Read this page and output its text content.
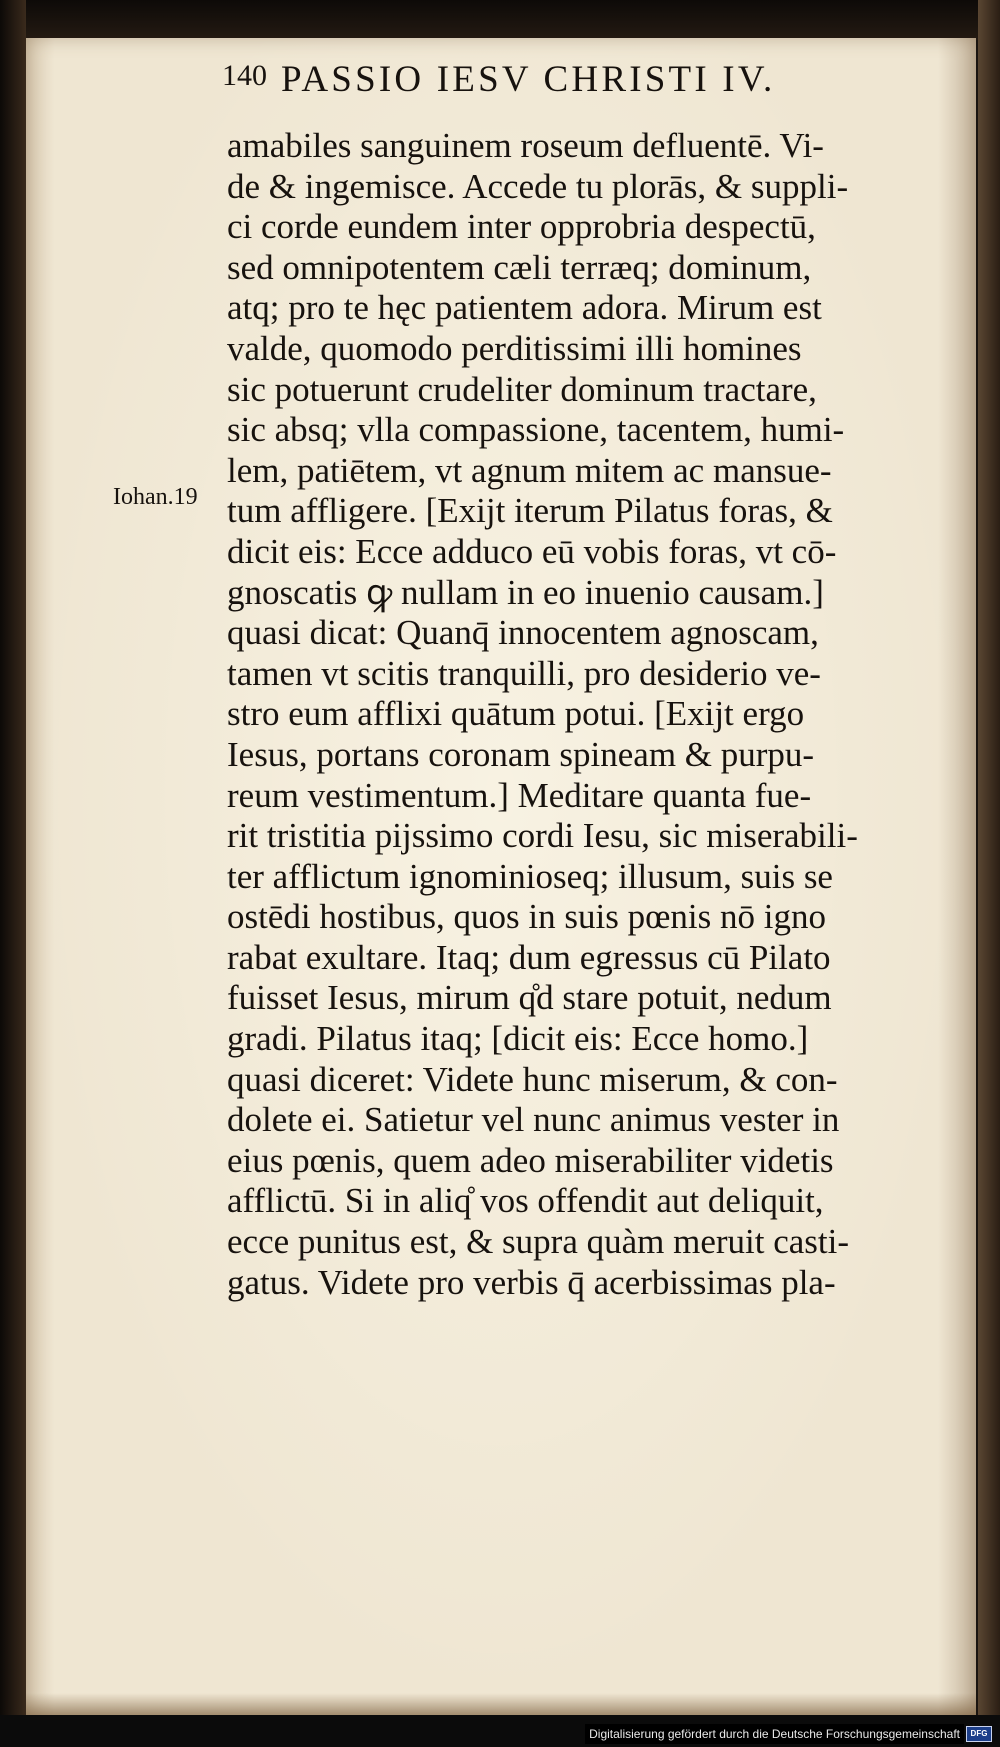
140 PASSIO IESV CHRISTI IV.
Iohan.19
amabiles sanguinem roseum defluentē. Vi-
de & ingemisce. Accede tu plorās, & suppli-
ci corde eundem inter opprobria despectū,
sed omnipotentem cæli terræq; dominum,
atq; pro te hęc patientem adora. Mirum est
valde, quomodo perditissimi illi homines
sic potuerunt crudeliter dominum tractare,
sic absq; vlla compassione, tacentem, humi-
lem, patiētem, vt agnum mitem ac mansue-
tum affligere. [Exijt iterum Pilatus foras, &
dicit eis: Ecce adduco eū vobis foras, vt cō-
gnoscatis ꝙ nullam in eo inuenio causam.]
quasi dicat: Quanq̄ innocentem agnoscam,
tamen vt scitis tranquilli, pro desiderio ve-
stro eum afflixi quātum potui. [Exijt ergo
Iesus, portans coronam spineam & purpu-
reum vestimentum.] Meditare quanta fue-
rit tristitia pijssimo cordi Iesu, sic miserabili-
ter afflictum ignominioseq; illusum, suis se
ostēdi hostibus, quos in suis pœnis nō igno
rabat exultare. Itaq; dum egressus cū Pilato
fuisset Iesus, mirum q̊d stare potuit, nedum
gradi. Pilatus itaq; [dicit eis: Ecce homo.]
quasi diceret: Videte hunc miserum, & con-
dolete ei. Satietur vel nunc animus vester in
eius pœnis, quem adeo miserabiliter videtis
afflictū. Si in aliq̊ vos offendit aut deliquit,
ecce punitus est, & supra quàm meruit casti-
gatus. Videte pro verbis q̄ acerbissimas pla-
Digitalisierung gefördert durch die Deutsche Forschungsgemeinschaft	DFG
